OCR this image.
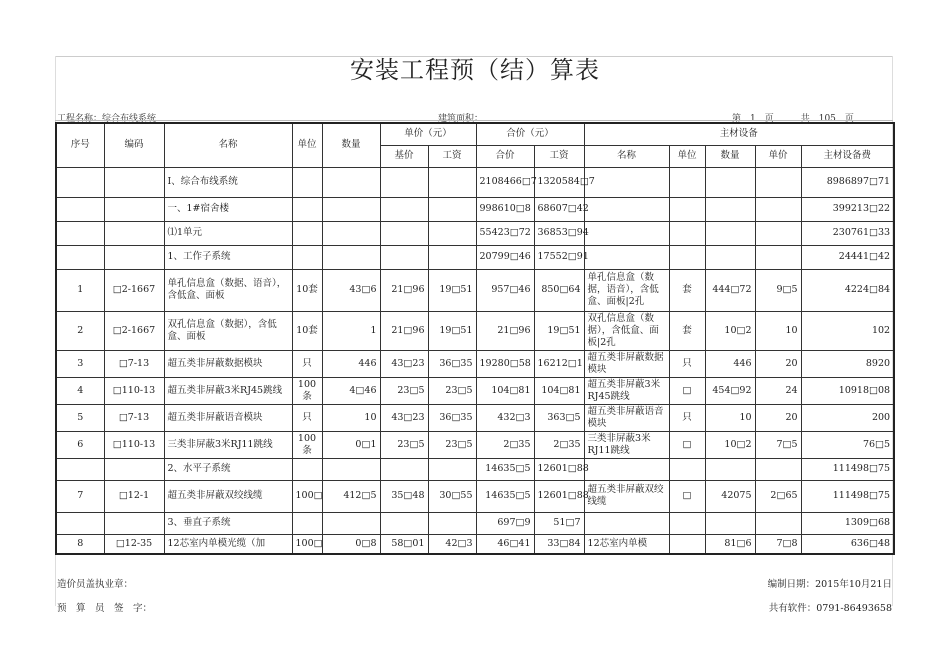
安装工程预（结）算表
工程名称：综合布线系统	建筑面积：	第　1　页　　　共　105　页
序号	编码	名称	单位	数量	单价（元）		合价（元）		主材设备				
					基价	工资	合价	工资	名称	单位	数量	单价	主材设备费
		Ⅰ、综合布线系统					2108466□7	1320584□7					8986897□71
		一、1#宿舍楼					998610□8	68607□42					399213□22
		⑴1单元					55423□72	36853□94					230761□33
		1、工作子系统					20799□46	17552□91					24441□42
1	□2-1667	单孔信息盒（数据、语音），含低盒、面板	10套	43□6	21□96	19□51	957□46	850□64	单孔信息盒（数据，语音），含低盒、面板|2孔	套	444□72	9□5	4224□84
2	□2-1667	双孔信息盒（数据），含低盒、面板	10套	1	21□96	19□51	21□96	19□51	双孔信息盒（数据），含低盒、面板|2孔	套	10□2	10	102
3	□7-13	超五类非屏蔽数据模块	只	446	43□23	36□35	19280□58	16212□1	超五类非屏蔽数据模块	只	446	20	8920
4	□110-13	超五类非屏蔽3米RJ45跳线	100条	4□46	23□5	23□5	104□81	104□81	超五类非屏蔽3米RJ45跳线	□	454□92	24	10918□08
5	□7-13	超五类非屏蔽语音模块	只	10	43□23	36□35	432□3	363□5	超五类非屏蔽语音模块	只	10	20	200
6	□110-13	三类非屏蔽3米RJ11跳线	100条	0□1	23□5	23□5	2□35	2□35	三类非屏蔽3米RJ11跳线	□	10□2	7□5	76□5
		2、水平子系统					14635□5	12601□88					111498□75
7	□12-1	超五类非屏蔽双绞线缆	100□	412□5	35□48	30□55	14635□5	12601□88	超五类非屏蔽双绞线缆	□	42075	2□65	111498□75
		3、垂直子系统					697□9	51□7					1309□68
8	□12-35	12芯室内单模光缆（加	100□	0□8	58□01	42□3	46□41	33□84	12芯室内单模		81□6	7□8	636□48
造价员盖执业章：	编制日期：2015年10月21日
预　算　员　签　字：	共有软件：0791-86493658
